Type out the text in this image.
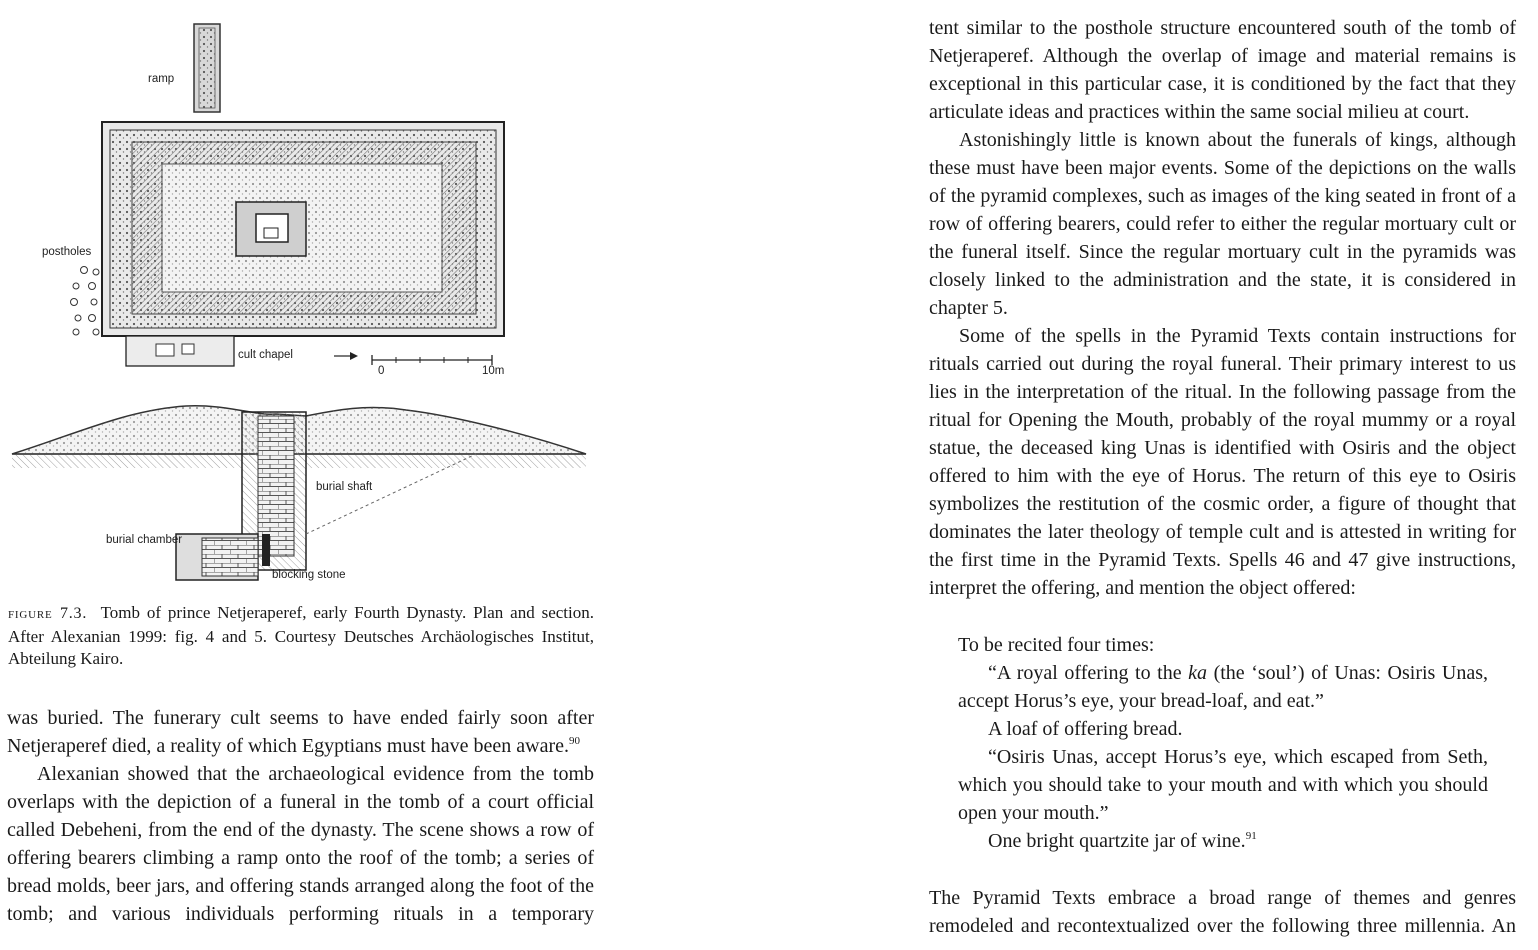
ramp
postholes
cult chapel
0	10m
burial shaft
burial chamber
blocking stone
figure 7.3. Tomb of prince Netjeraperef, early Fourth Dynasty. Plan and section. After Alexanian 1999: fig. 4 and 5. Courtesy Deutsches Archäologisches Institut, Abteilung Kairo.

was buried. The funerary cult seems to have ended fairly soon after Netjeraperef died, a reality of which Egyptians must have been aware.$^{90}$

Alexanian showed that the archaeological evidence from the tomb overlaps with the depiction of a funeral in the tomb of a court official called Debeheni, from the end of the dynasty. The scene shows a row of offering bearers climbing a ramp onto the roof of the tomb; a series of bread molds, beer jars, and offering stands arranged along the foot of the tomb; and various individuals performing rituals in a temporary

tent similar to the posthole structure encountered south of the tomb of Netjeraperef. Although the overlap of image and material remains is exceptional in this particular case, it is conditioned by the fact that they articulate ideas and practices within the same social milieu at court.

Astonishingly little is known about the funerals of kings, although these must have been major events. Some of the depictions on the walls of the pyramid complexes, such as images of the king seated in front of a row of offering bearers, could refer to either the regular mortuary cult or the funeral itself. Since the regular mortuary cult in the pyramids was closely linked to the administration and the state, it is considered in chapter 5.

Some of the spells in the Pyramid Texts contain instructions for rituals carried out during the royal funeral. Their primary interest to us lies in the interpretation of the ritual. In the following passage from the ritual for Opening the Mouth, probably of the royal mummy or a royal statue, the deceased king Unas is identified with Osiris and the object offered to him with the eye of Horus. The return of this eye to Osiris symbolizes the restitution of the cosmic order, a figure of thought that dominates the later theology of temple cult and is attested in writing for the first time in the Pyramid Texts. Spells 46 and 47 give instructions, interpret the offering, and mention the object offered:

To be recited four times:

“A royal offering to the ka (the ‘soul’) of Unas: Osiris Unas, accept Horus’s eye, your bread-loaf, and eat.”

A loaf of offering bread.

“Osiris Unas, accept Horus’s eye, which escaped from Seth, which you should take to your mouth and with which you should open your mouth.”

One bright quartzite jar of wine.$^{91}$

The Pyramid Texts embrace a broad range of themes and genres remodeled and recontextualized over the following three millennia. An
